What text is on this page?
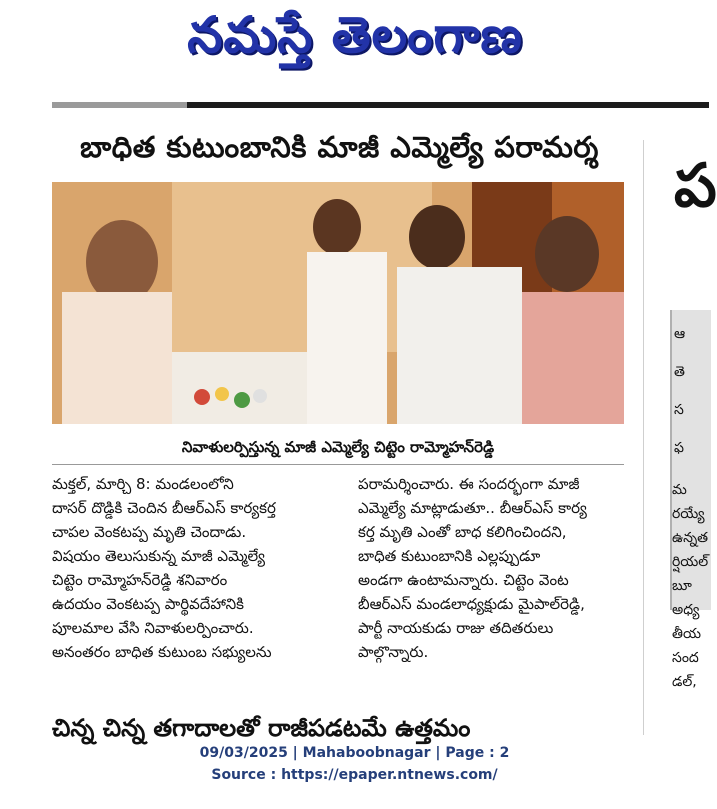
నమస్తే తెలంగాణ
బాధిత కుటుంబానికి మాజీ ఎమ్మెల్యే పరామర్శ
నివాళులర్పిస్తున్న మాజీ ఎమ్మెల్యే చిట్టెం రామ్మోహన్‌రెడ్డి

మక్తల్, మార్చి 8: మండలంలోని

దాసర్ దొడ్డికి చెందిన బీఆర్ఎస్ కార్యకర్త

చాపల వెంకటప్ప మృతి చెందాడు.

విషయం తెలుసుకున్న మాజీ ఎమ్మెల్యే

చిట్టెం రామ్మోహన్‌రెడ్డి శనివారం

ఉదయం వెంకటప్ప పార్థివదేహానికి

పూలమాల వేసి నివాళులర్పించారు.

అనంతరం బాధిత కుటుంబ సభ్యులను

పరామర్శించారు. ఈ సందర్భంగా మాజీ

ఎమ్మెల్యే మాట్లాడుతూ.. బీఆర్ఎస్ కార్య

కర్త మృతి ఎంతో బాధ కలిగించిందని,

బాధిత కుటుంబానికి ఎల్లప్పుడూ

అండగా ఉంటామన్నారు. చిట్టెం వెంట

బీఆర్ఎస్ మండలాధ్యక్షుడు మైపాల్‌రెడ్డి,

పార్టీ నాయకుడు రాజు తదితరులు

పాల్గొన్నారు.

చిన్న చిన్న తగాదాలతో రాజీపడటమే ఉత్తమం
ప
ఆ
తె
స
ఫ
మ
రయ్యే
ఉన్నత
ర్షియల్
బూ
అధ్య
తీయ
సంద
డల్,
09/03/2025 | Mahaboobnagar | Page : 2
Source : https://epaper.ntnews.com/
